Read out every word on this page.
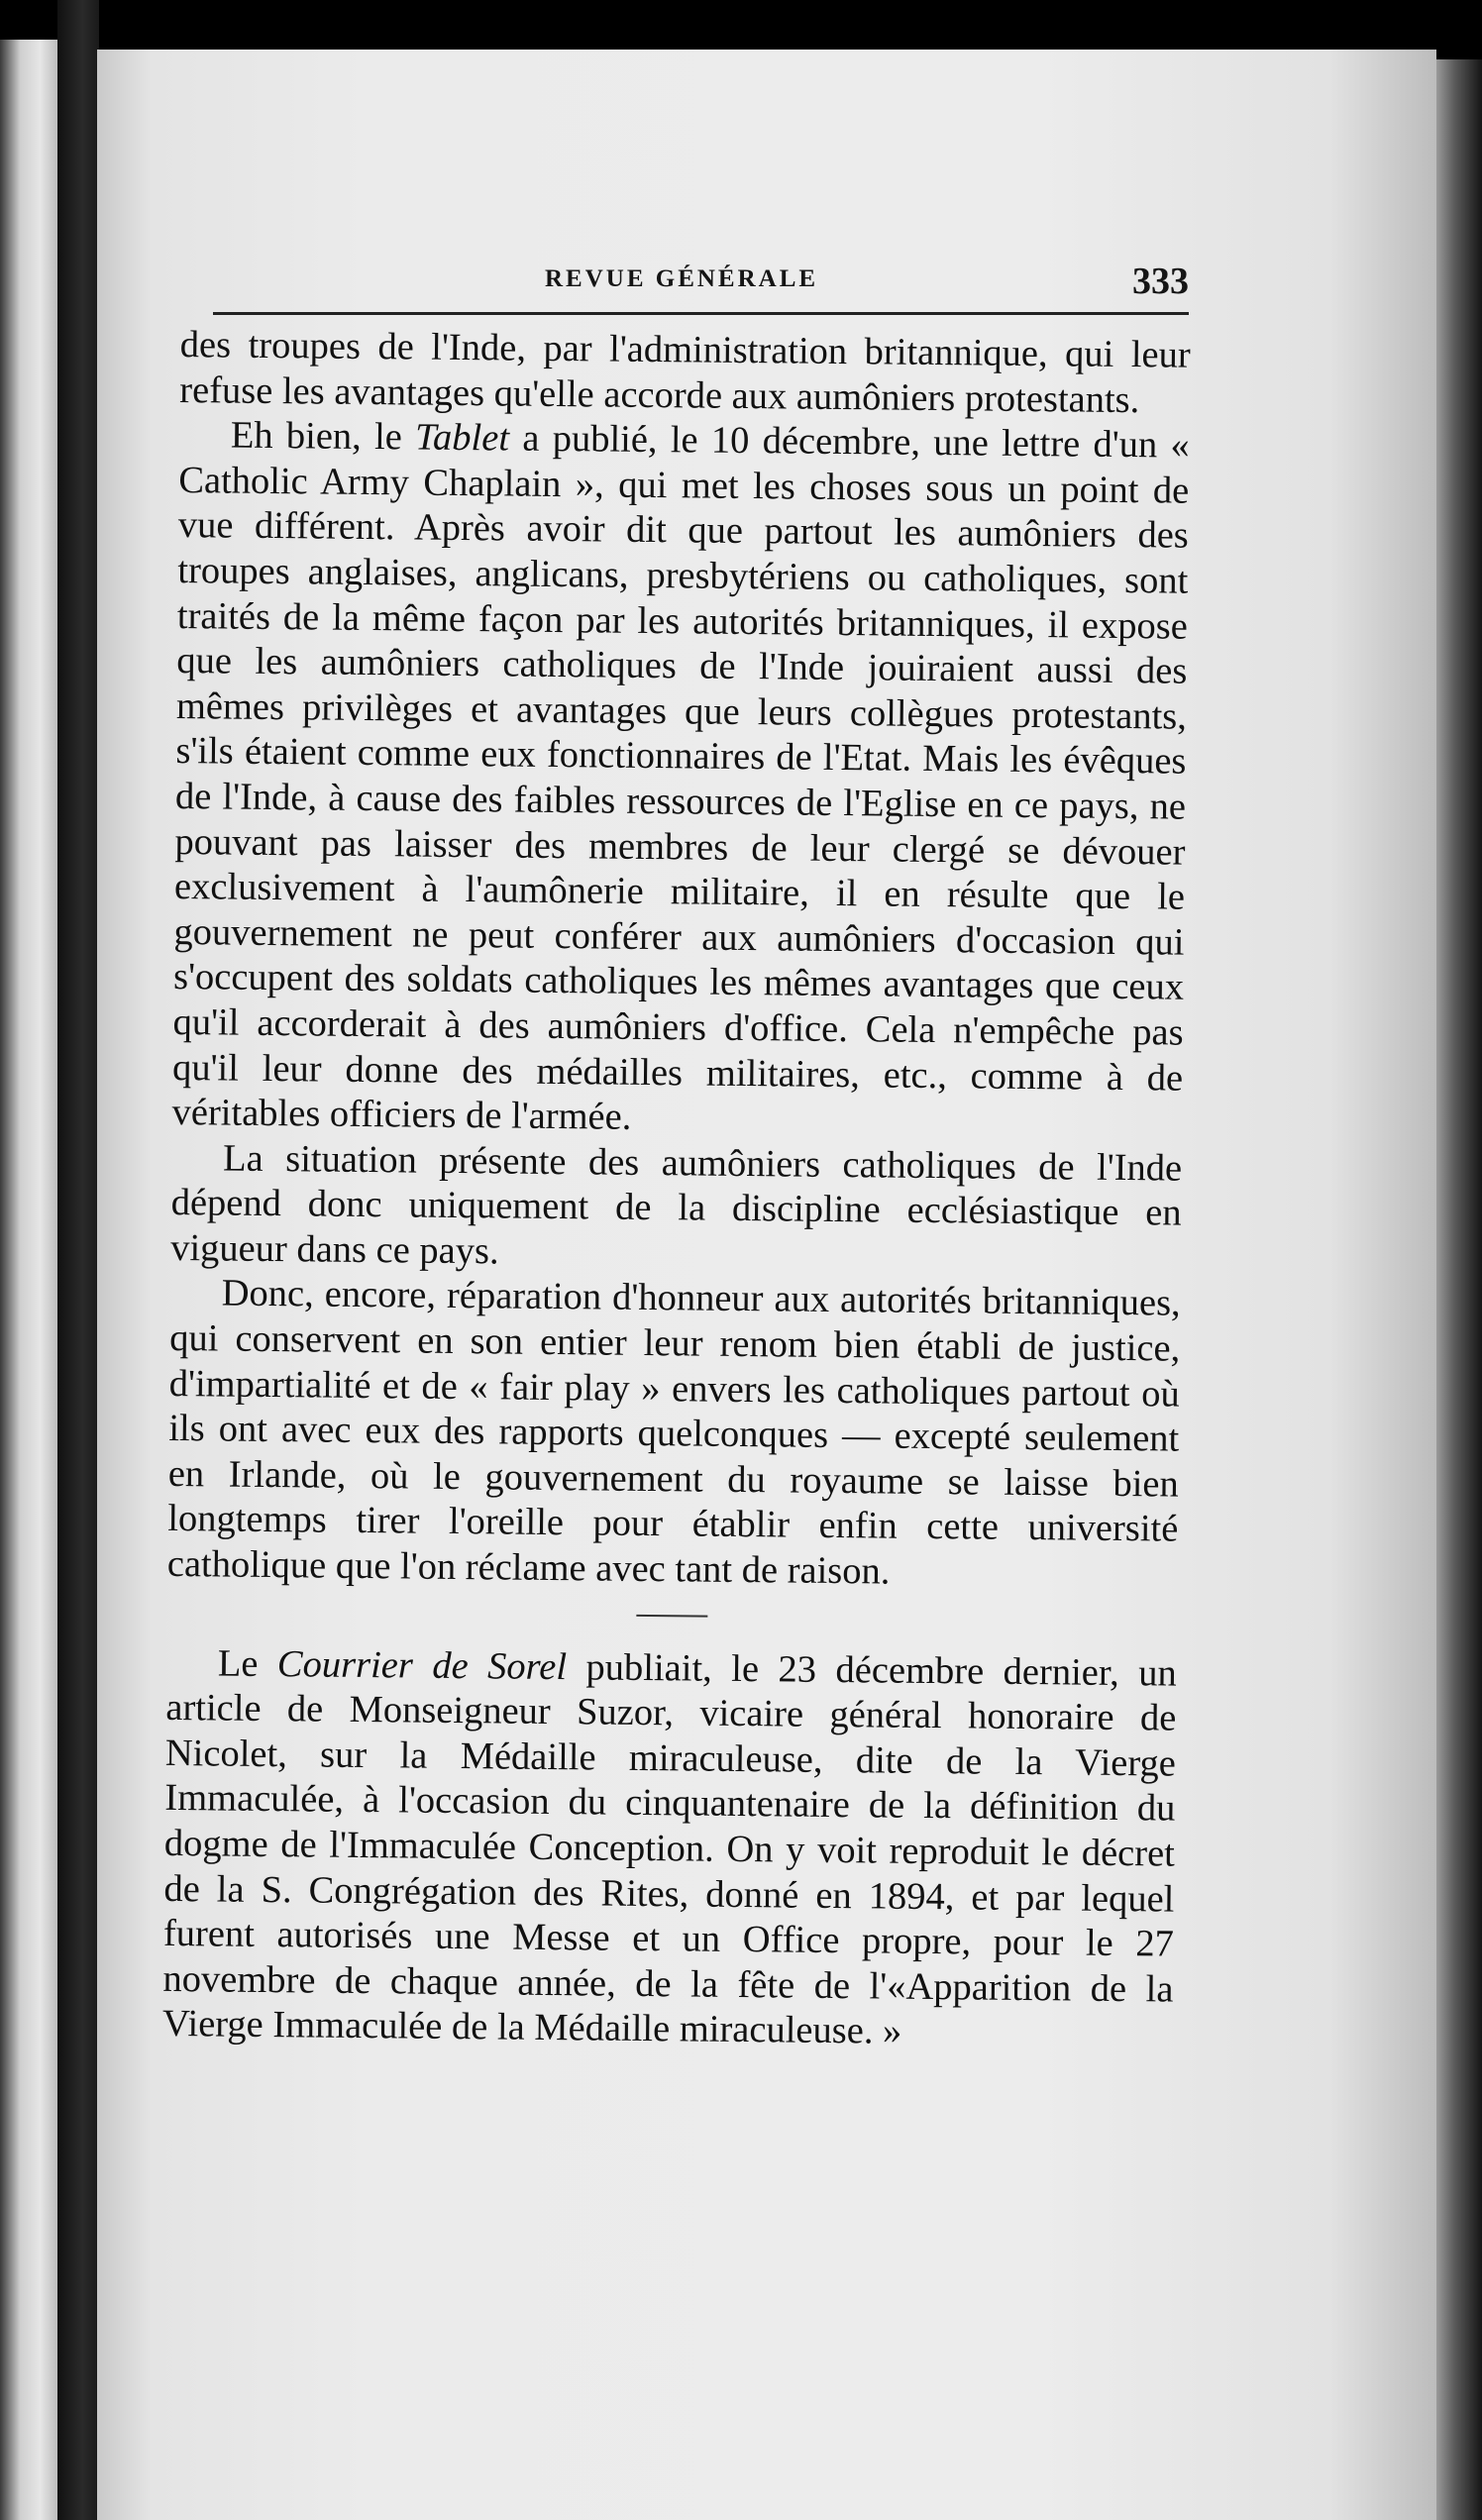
REVUE GÉNÉRALE	333

des troupes de l'Inde, par l'administration britannique, qui leur refuse les avantages qu'elle accorde aux aumôniers protestants.

Eh bien, le Tablet a publié, le 10 décembre, une lettre d'un « Catholic Army Chaplain », qui met les choses sous un point de vue différent. Après avoir dit que partout les aumôniers des troupes anglaises, anglicans, presbytériens ou catholiques, sont traités de la même façon par les autorités britanniques, il expose que les aumôniers catholiques de l'Inde jouiraient aussi des mêmes privilèges et avantages que leurs collègues protestants, s'ils étaient comme eux fonctionnaires de l'Etat. Mais les évêques de l'Inde, à cause des faibles ressources de l'Eglise en ce pays, ne pouvant pas laisser des membres de leur clergé se dévouer exclusivement à l'aumônerie militaire, il en résulte que le gouvernement ne peut conférer aux aumôniers d'occasion qui s'occupent des soldats catholiques les mêmes avantages que ceux qu'il accorderait à des aumôniers d'office. Cela n'empêche pas qu'il leur donne des médailles militaires, etc., comme à de véritables officiers de l'armée.

La situation présente des aumôniers catholiques de l'Inde dépend donc uniquement de la discipline ecclésiastique en vigueur dans ce pays.

Donc, encore, réparation d'honneur aux autorités britanniques, qui conservent en son entier leur renom bien établi de justice, d'impartialité et de « fair play » envers les catholiques partout où ils ont avec eux des rapports quelconques — excepté seulement en Irlande, où le gouvernement du royaume se laisse bien longtemps tirer l'oreille pour établir enfin cette université catholique que l'on réclame avec tant de raison.

Le Courrier de Sorel publiait, le 23 décembre dernier, un article de Monseigneur Suzor, vicaire général honoraire de Nicolet, sur la Médaille miraculeuse, dite de la Vierge Immaculée, à l'occasion du cinquantenaire de la définition du dogme de l'Immaculée Conception. On y voit reproduit le décret de la S. Congrégation des Rites, donné en 1894, et par lequel furent autorisés une Messe et un Office propre, pour le 27 novembre de chaque année, de la fête de l'«Apparition de la Vierge Immaculée de la Médaille miraculeuse. »
